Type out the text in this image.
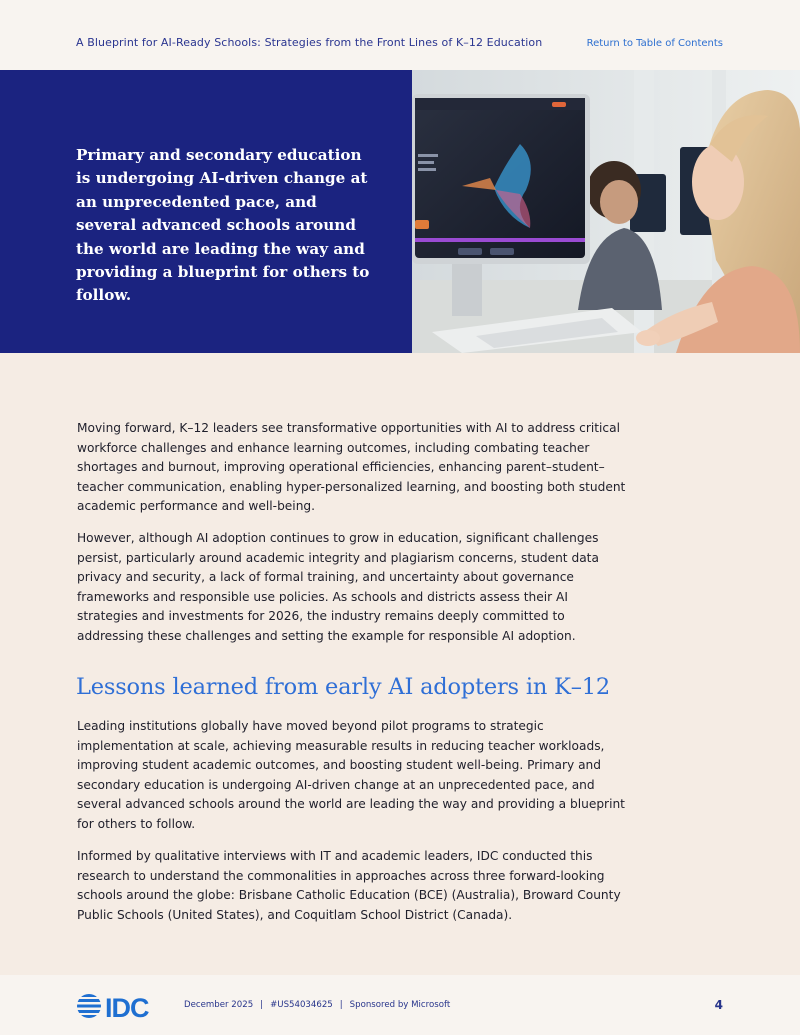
A Blueprint for AI-Ready Schools: Strategies from the Front Lines of K–12 Education	Return to Table of Contents

Primary and secondary education is undergoing AI-driven change at an unprecedented pace, and several advanced schools around the world are leading the way and providing a blueprint for others to follow.

Moving forward, K–12 leaders see transformative opportunities with AI to address critical workforce challenges and enhance learning outcomes, including combating teacher shortages and burnout, improving operational efficiencies, enhancing parent–student–teacher communication, enabling hyper-personalized learning, and boosting both student academic performance and well-being.

However, although AI adoption continues to grow in education, significant challenges persist, particularly around academic integrity and plagiarism concerns, student data privacy and security, a lack of formal training, and uncertainty about governance frameworks and responsible use policies. As schools and districts assess their AI strategies and investments for 2026, the industry remains deeply committed to addressing these challenges and setting the example for responsible AI adoption.

Lessons learned from early AI adopters in K–12

Leading institutions globally have moved beyond pilot programs to strategic implementation at scale, achieving measurable results in reducing teacher workloads, improving student academic outcomes, and boosting student well-being. Primary and secondary education is undergoing AI-driven change at an unprecedented pace, and several advanced schools around the world are leading the way and providing a blueprint for others to follow.

Informed by qualitative interviews with IT and academic leaders, IDC conducted this research to understand the commonalities in approaches across three forward-looking schools around the globe: Brisbane Catholic Education (BCE) (Australia), Broward County Public Schools (United States), and Coquitlam School District (Canada).

IDC	December 2025 | #US54034625 | Sponsored by Microsoft	4
